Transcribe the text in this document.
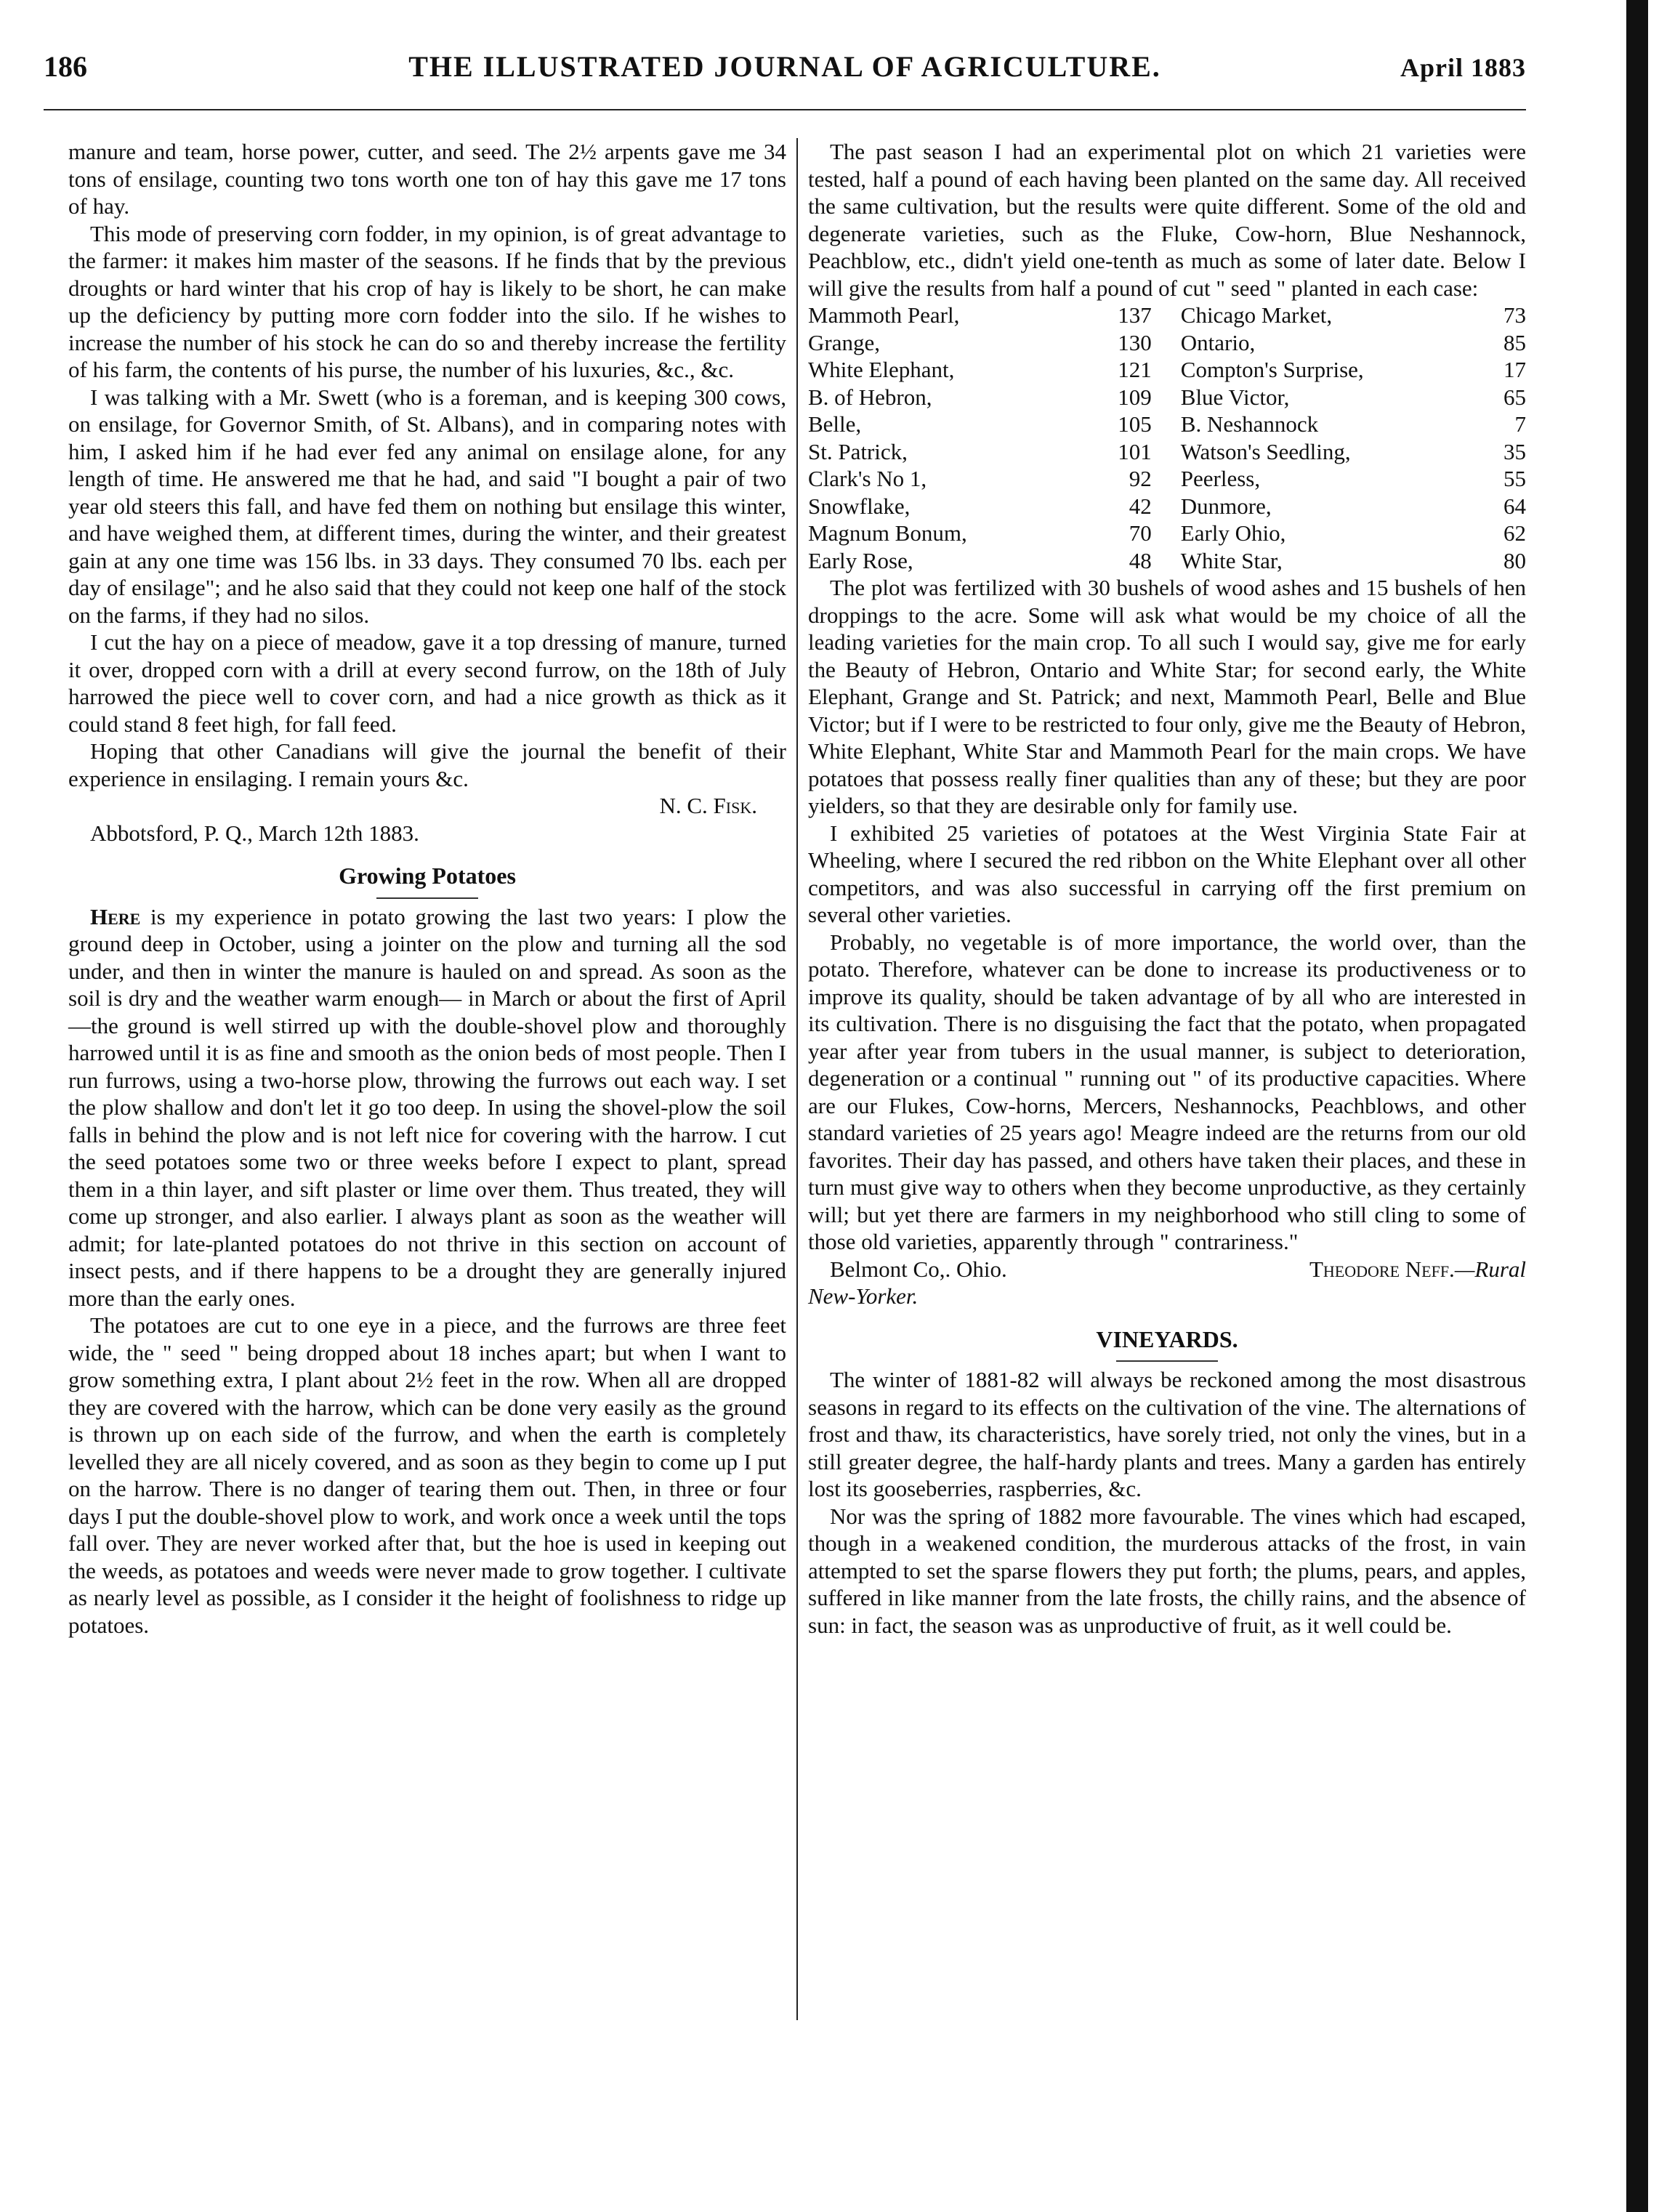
186	THE ILLUSTRATED JOURNAL OF AGRICULTURE.	April 1883

manure and team, horse power, cutter, and seed. The 2½ arpents gave me 34 tons of ensilage, counting two tons worth one ton of hay this gave me 17 tons of hay.

This mode of preserving corn fodder, in my opinion, is of great advantage to the farmer: it makes him master of the seasons. If he finds that by the previous droughts or hard winter that his crop of hay is likely to be short, he can make up the deficiency by putting more corn fodder into the silo. If he wishes to increase the number of his stock he can do so and thereby increase the fertility of his farm, the contents of his purse, the number of his luxuries, &c., &c.

I was talking with a Mr. Swett (who is a foreman, and is keeping 300 cows, on ensilage, for Governor Smith, of St. Albans), and in comparing notes with him, I asked him if he had ever fed any animal on ensilage alone, for any length of time. He answered me that he had, and said "I bought a pair of two year old steers this fall, and have fed them on nothing but ensilage this winter, and have weighed them, at different times, during the winter, and their greatest gain at any one time was 156 lbs. in 33 days. They consumed 70 lbs. each per day of ensilage"; and he also said that they could not keep one half of the stock on the farms, if they had no silos.

I cut the hay on a piece of meadow, gave it a top dressing of manure, turned it over, dropped corn with a drill at every second furrow, on the 18th of July harrowed the piece well to cover corn, and had a nice growth as thick as it could stand 8 feet high, for fall feed.

Hoping that other Canadians will give the journal the benefit of their experience in ensilaging. I remain yours &c.

N. C. Fisk.

Abbotsford, P. Q., March 12th 1883.

Growing Potatoes

Here is my experience in potato growing the last two years: I plow the ground deep in October, using a jointer on the plow and turning all the sod under, and then in winter the manure is hauled on and spread. As soon as the soil is dry and the weather warm enough— in March or about the first of April—the ground is well stirred up with the double-shovel plow and thoroughly harrowed until it is as fine and smooth as the onion beds of most people. Then I run furrows, using a two-horse plow, throwing the furrows out each way. I set the plow shallow and don't let it go too deep. In using the shovel-plow the soil falls in behind the plow and is not left nice for covering with the harrow. I cut the seed potatoes some two or three weeks before I expect to plant, spread them in a thin layer, and sift plaster or lime over them. Thus treated, they will come up stronger, and also earlier. I always plant as soon as the weather will admit; for late-planted potatoes do not thrive in this section on account of insect pests, and if there happens to be a drought they are generally injured more than the early ones.

The potatoes are cut to one eye in a piece, and the furrows are three feet wide, the " seed " being dropped about 18 inches apart; but when I want to grow something extra, I plant about 2½ feet in the row. When all are dropped they are covered with the harrow, which can be done very easily as the ground is thrown up on each side of the furrow, and when the earth is completely levelled they are all nicely covered, and as soon as they begin to come up I put on the harrow. There is no danger of tearing them out. Then, in three or four days I put the double-shovel plow to work, and work once a week until the tops fall over. They are never worked after that, but the hoe is used in keeping out the weeds, as potatoes and weeds were never made to grow together. I cultivate as nearly level as possible, as I consider it the height of foolishness to ridge up potatoes.

The past season I had an experimental plot on which 21 varieties were tested, half a pound of each having been planted on the same day. All received the same cultivation, but the results were quite different. Some of the old and degenerate varieties, such as the Fluke, Cow-horn, Blue Neshannock, Peachblow, etc., didn't yield one-tenth as much as some of later date. Below I will give the results from half a pound of cut " seed " planted in each case:

Mammoth Pearl,	137	Chicago Market,	73
Grange,	130	Ontario,	85
White Elephant,	121	Compton's Surprise,	17
B. of Hebron,	109	Blue Victor,	65
Belle,	105	B. Neshannock	7
St. Patrick,	101	Watson's Seedling,	35
Clark's No 1,	92	Peerless,	55
Snowflake,	42	Dunmore,	64
Magnum Bonum,	70	Early Ohio,	62
Early Rose,	48	White Star,	80

The plot was fertilized with 30 bushels of wood ashes and 15 bushels of hen droppings to the acre. Some will ask what would be my choice of all the leading varieties for the main crop. To all such I would say, give me for early the Beauty of Hebron, Ontario and White Star; for second early, the White Elephant, Grange and St. Patrick; and next, Mammoth Pearl, Belle and Blue Victor; but if I were to be restricted to four only, give me the Beauty of Hebron, White Elephant, White Star and Mammoth Pearl for the main crops. We have potatoes that possess really finer qualities than any of these; but they are poor yielders, so that they are desirable only for family use.

I exhibited 25 varieties of potatoes at the West Virginia State Fair at Wheeling, where I secured the red ribbon on the White Elephant over all other competitors, and was also successful in carrying off the first premium on several other varieties.

Probably, no vegetable is of more importance, the world over, than the potato. Therefore, whatever can be done to increase its productiveness or to improve its quality, should be taken advantage of by all who are interested in its cultivation. There is no disguising the fact that the potato, when propagated year after year from tubers in the usual manner, is subject to deterioration, degeneration or a continual " running out " of its productive capacities. Where are our Flukes, Cow-horns, Mercers, Neshannocks, Peachblows, and other standard varieties of 25 years ago! Meagre indeed are the returns from our old favorites. Their day has passed, and others have taken their places, and these in turn must give way to others when they become unproductive, as they certainly will; but yet there are farmers in my neighborhood who still cling to some of those old varieties, apparently through " contrariness."

Belmont Co,. Ohio.	Theodore Neff.—Rural

New-Yorker.

VINEYARDS.

The winter of 1881-82 will always be reckoned among the most disastrous seasons in regard to its effects on the cultivation of the vine. The alternations of frost and thaw, its characteristics, have sorely tried, not only the vines, but in a still greater degree, the half-hardy plants and trees. Many a garden has entirely lost its gooseberries, raspberries, &c.

Nor was the spring of 1882 more favourable. The vines which had escaped, though in a weakened condition, the murderous attacks of the frost, in vain attempted to set the sparse flowers they put forth; the plums, pears, and apples, suffered in like manner from the late frosts, the chilly rains, and the absence of sun: in fact, the season was as unproductive of fruit, as it well could be.
